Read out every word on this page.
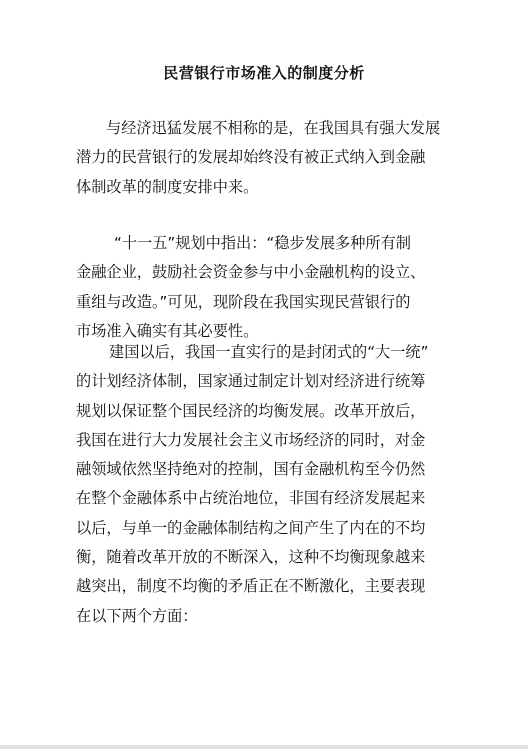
民营银行市场准入的制度分析
与经济迅猛发展不相称的是，在我国具有强大发展
潜力的民营银行的发展却始终没有被正式纳入到金融
体制改革的制度安排中来。
“十一五”规划中指出：“稳步发展多种所有制
金融企业，鼓励社会资金参与中小金融机构的设立、
重组与改造。”可见，现阶段在我国实现民营银行的
市场准入确实有其必要性。
建国以后，我国一直实行的是封闭式的“大一统”
的计划经济体制，国家通过制定计划对经济进行统筹
规划以保证整个国民经济的均衡发展。改革开放后，
我国在进行大力发展社会主义市场经济的同时，对金
融领域依然坚持绝对的控制，国有金融机构至今仍然
在整个金融体系中占统治地位，非国有经济发展起来
以后，与单一的金融体制结构之间产生了内在的不均
衡，随着改革开放的不断深入，这种不均衡现象越来
越突出，制度不均衡的矛盾正在不断激化，主要表现
在以下两个方面：
